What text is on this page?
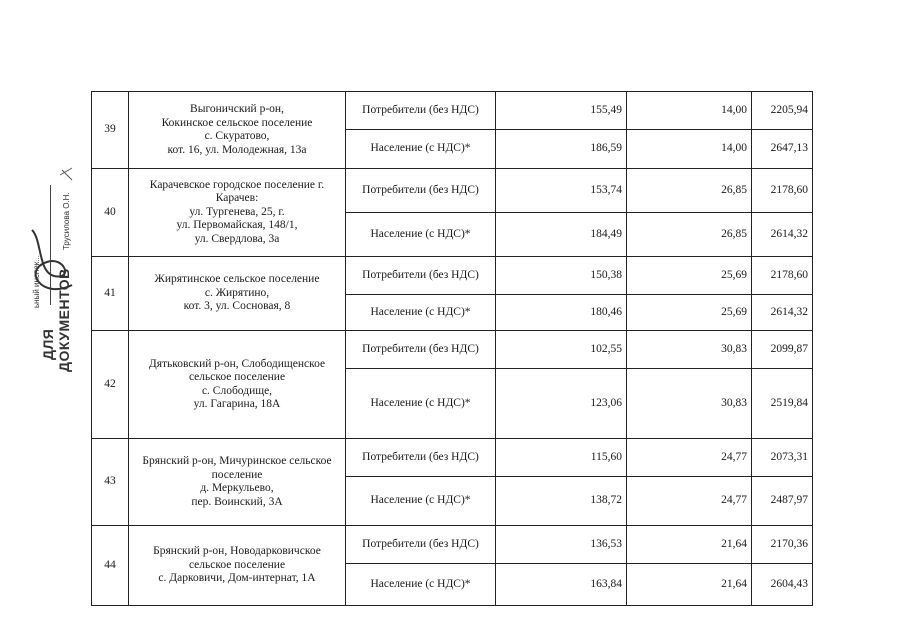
ДЛЯ ДОКУМЕНТОВ
ьный инспек...
Трусилова О.Н.
39	Выгоничский р-он,
Кокинское сельское поселение
с. Скуратово,
кот. 16, ул. Молодежная, 13а	Потребители (без НДС)	155,49	14,00	2205,94
		Население (с НДС)*	186,59	14,00	2647,13
40	Карачевское городское поселение г.
Карачев:
ул. Тургенева, 25, г.
ул. Первомайская, 148/1,
ул. Свердлова, 3а	Потребители (без НДС)	153,74	26,85	2178,60
		Население (с НДС)*	184,49	26,85	2614,32
41	Жирятинское сельское поселение
с. Жирятино,
кот. 3, ул. Сосновая, 8	Потребители (без НДС)	150,38	25,69	2178,60
		Население (с НДС)*	180,46	25,69	2614,32
42	Дятьковский р-он, Слободищенское
сельское поселение
с. Слободище,
ул. Гагарина, 18А	Потребители (без НДС)	102,55	30,83	2099,87
		Население (с НДС)*	123,06	30,83	2519,84
43	Брянский р-он, Мичуринское сельское
поселение
д. Меркульево,
пер. Воинский, 3А	Потребители (без НДС)	115,60	24,77	2073,31
		Население (с НДС)*	138,72	24,77	2487,97
44	Брянский р-он, Новодарковичское
сельское поселение
с. Дарковичи, Дом-интернат, 1А	Потребители (без НДС)	136,53	21,64	2170,36
		Население (с НДС)*	163,84	21,64	2604,43
